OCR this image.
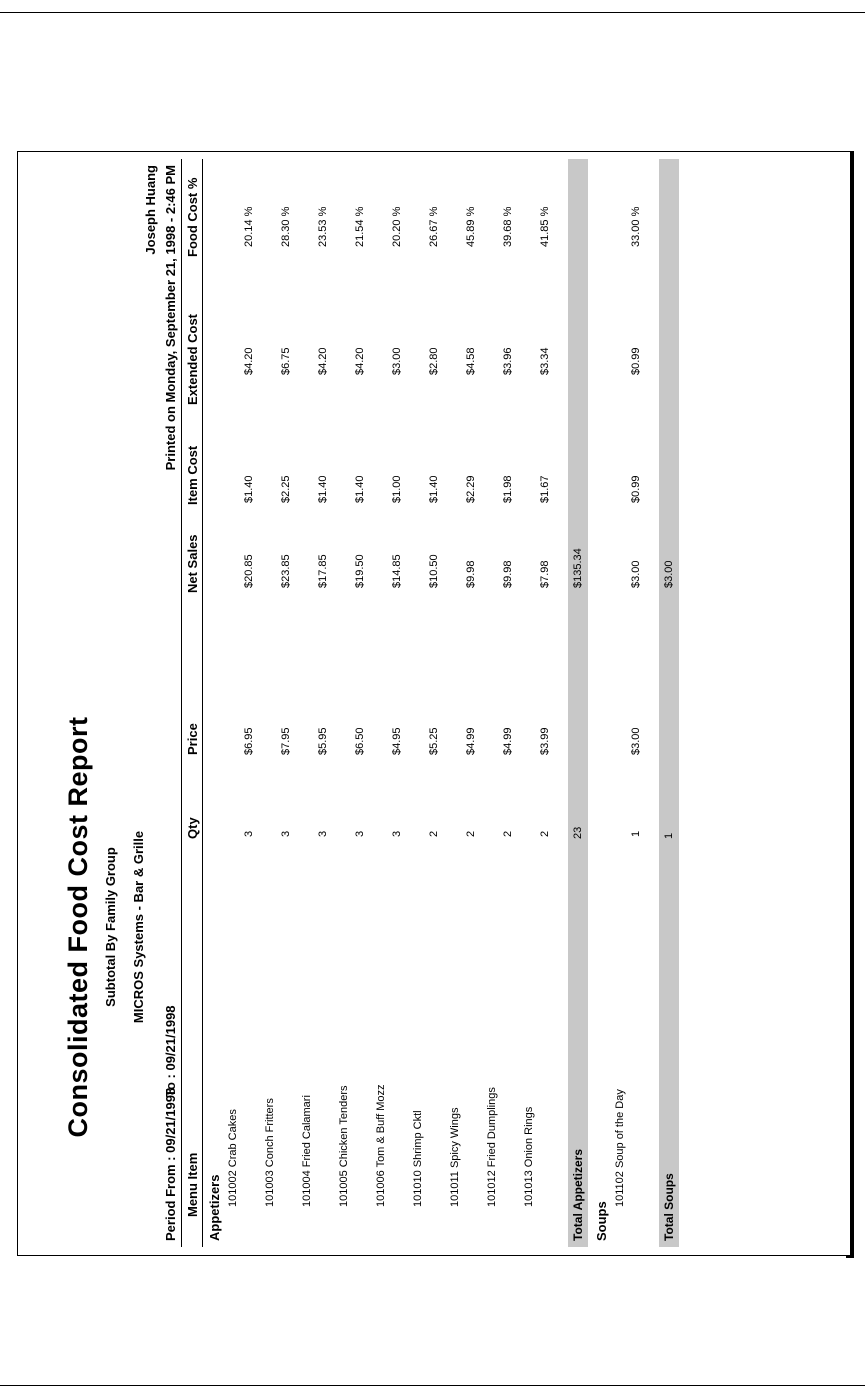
Consolidated Food Cost Report Subtotal By Family Group MICROS Systems - Bar & Grille
Period From : 09/21/1998
To : 09/21/1998
Joseph Huang Printed on Monday, September 21, 1998 - 2:46 PM
Menu Item
Qty
Price
Net Sales
Item Cost
Extended Cost
Food Cost %
Appetizers
101002 Crab Cakes
3
$6.95
$20.85
$1.40
$4.20
20.14 %
101003 Conch Fritters
3
$7.95
$23.85
$2.25
$6.75
28.30 %
101004 Fried Calamari
3
$5.95
$17.85
$1.40
$4.20
23.53 %
101005 Chicken Tenders
3
$6.50
$19.50
$1.40
$4.20
21.54 %
101006 Tom & Buff Mozz
3
$4.95
$14.85
$1.00
$3.00
20.20 %
101010 Shrimp Cktl
2
$5.25
$10.50
$1.40
$2.80
26.67 %
101011 Spicy Wings
2
$4.99
$9.98
$2.29
$4.58
45.89 %
101012 Fried Dumplings
2
$4.99
$9.98
$1.98
$3.96
39.68 %
101013 Onion Rings
2
$3.99
$7.98
$1.67
$3.34
41.85 %
Total Appetizers
23
$135.34
Soups
101102 Soup of the Day
1
$3.00
$3.00
$0.99
$0.99
33.00 %
Total Soups
1
$3.00
